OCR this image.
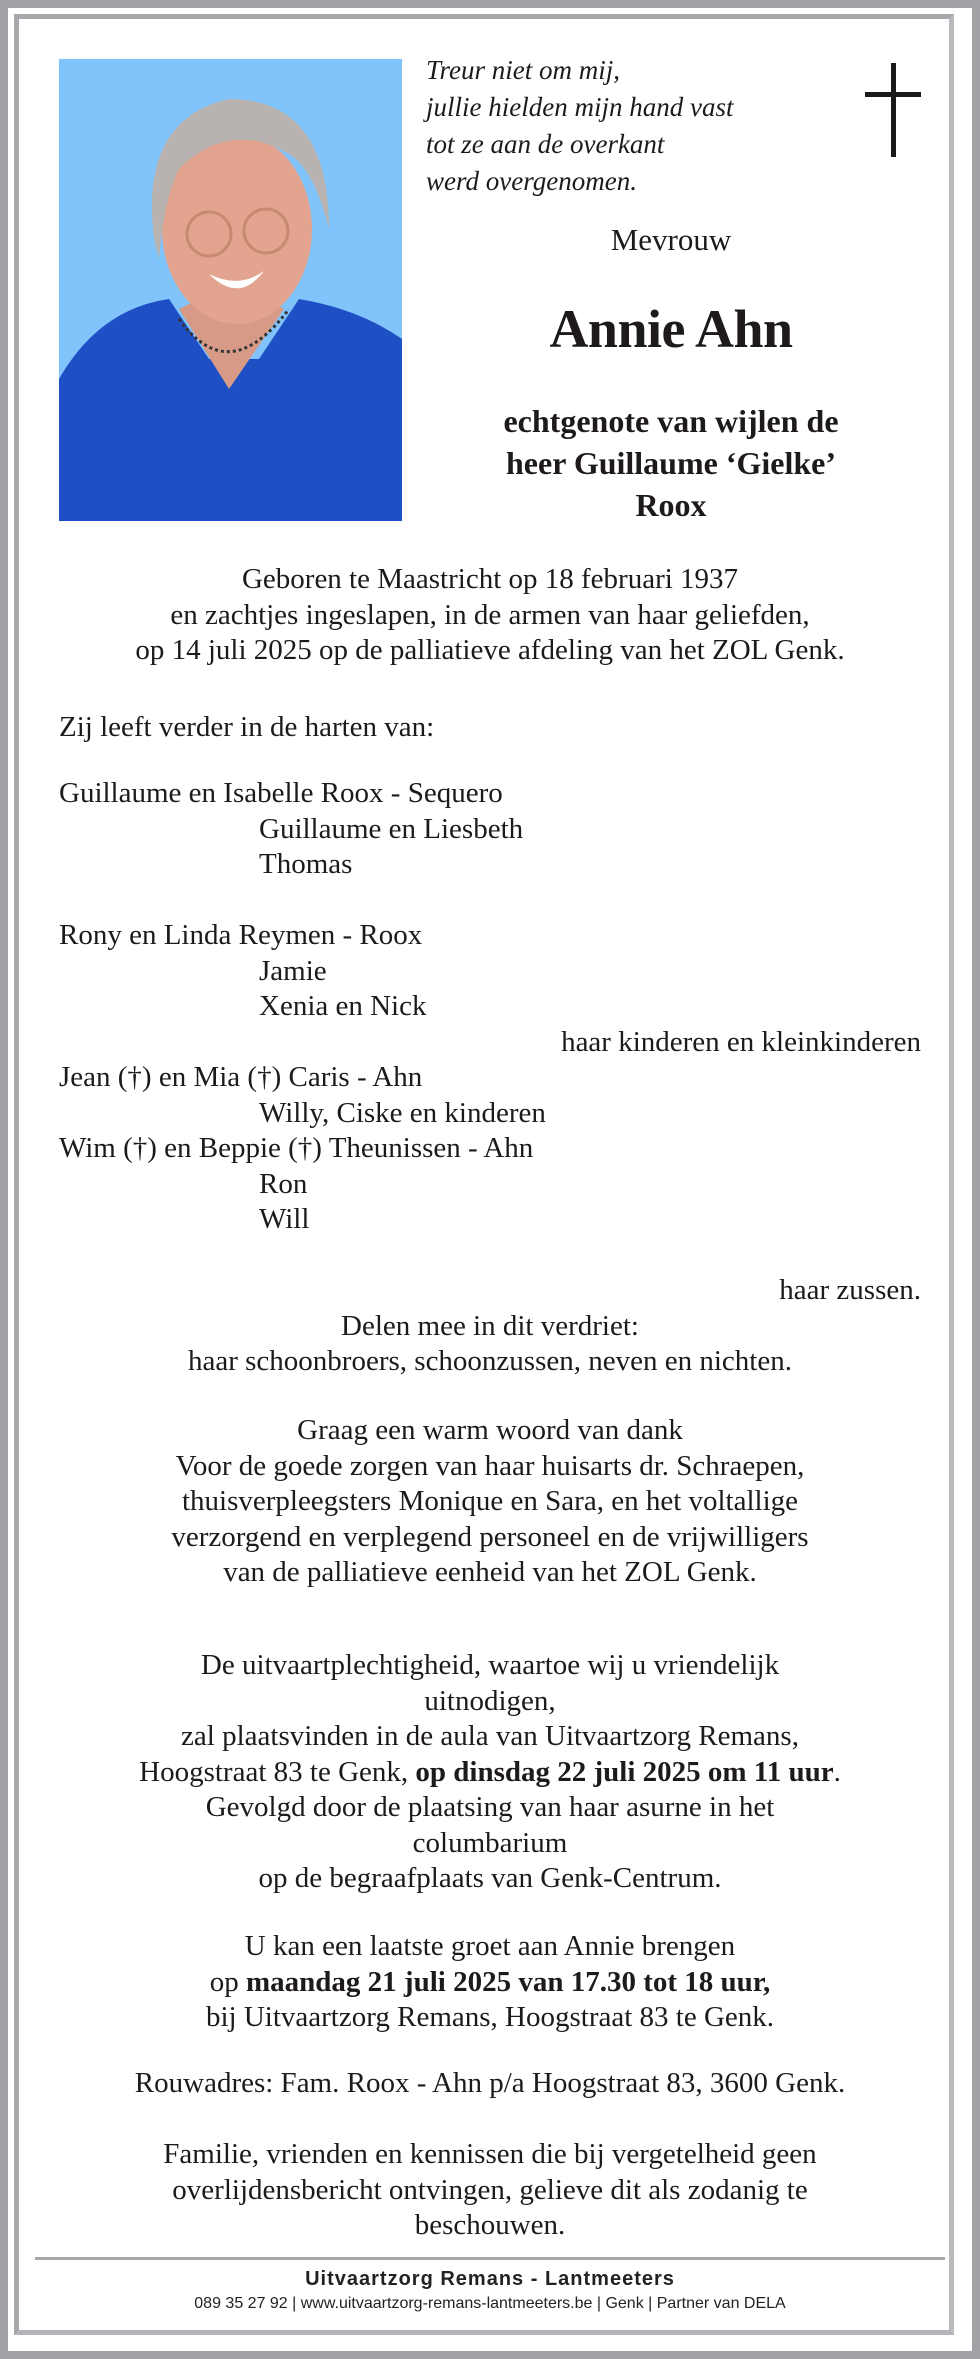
Treur niet om mij,
jullie hielden mijn hand vast
tot ze aan de overkant
werd overgenomen.
Mevrouw
Annie Ahn
echtgenote van wijlen de
heer Guillaume ‘Gielke’
Roox
Geboren te Maastricht op 18 februari 1937
en zachtjes ingeslapen, in de armen van haar geliefden,
op 14 juli 2025 op de palliatieve afdeling van het ZOL Genk.
Zij leeft verder in de harten van:
Guillaume en Isabelle Roox - Sequero
Guillaume en Liesbeth
Thomas
Rony en Linda Reymen - Roox
Jamie
Xenia en Nick
haar kinderen en kleinkinderen
Jean (†) en Mia (†) Caris - Ahn
Willy, Ciske en kinderen
Wim (†) en Beppie (†) Theunissen - Ahn
Ron
Will
haar zussen.
Delen mee in dit verdriet:
haar schoonbroers, schoonzussen, neven en nichten.
Graag een warm woord van dank
Voor de goede zorgen van haar huisarts dr. Schraepen,
thuisverpleegsters Monique en Sara, en het voltallige
verzorgend en verplegend personeel en de vrijwilligers
van de palliatieve eenheid van het ZOL Genk.
De uitvaartplechtigheid, waartoe wij u vriendelijk
uitnodigen,
zal plaatsvinden in de aula van Uitvaartzorg Remans,
Hoogstraat 83 te Genk, op dinsdag 22 juli 2025 om 11 uur.
Gevolgd door de plaatsing van haar asurne in het
columbarium
op de begraafplaats van Genk-Centrum.
U kan een laatste groet aan Annie brengen
op maandag 21 juli 2025 van 17.30 tot 18 uur,
bij Uitvaartzorg Remans, Hoogstraat 83 te Genk.
Rouwadres: Fam. Roox - Ahn p/a Hoogstraat 83, 3600 Genk.
Familie, vrienden en kennissen die bij vergetelheid geen
overlijdensbericht ontvingen, gelieve dit als zodanig te
beschouwen.
Uitvaartzorg Remans - Lantmeeters
089 35 27 92 | www.uitvaartzorg-remans-lantmeeters.be | Genk | Partner van DELA
